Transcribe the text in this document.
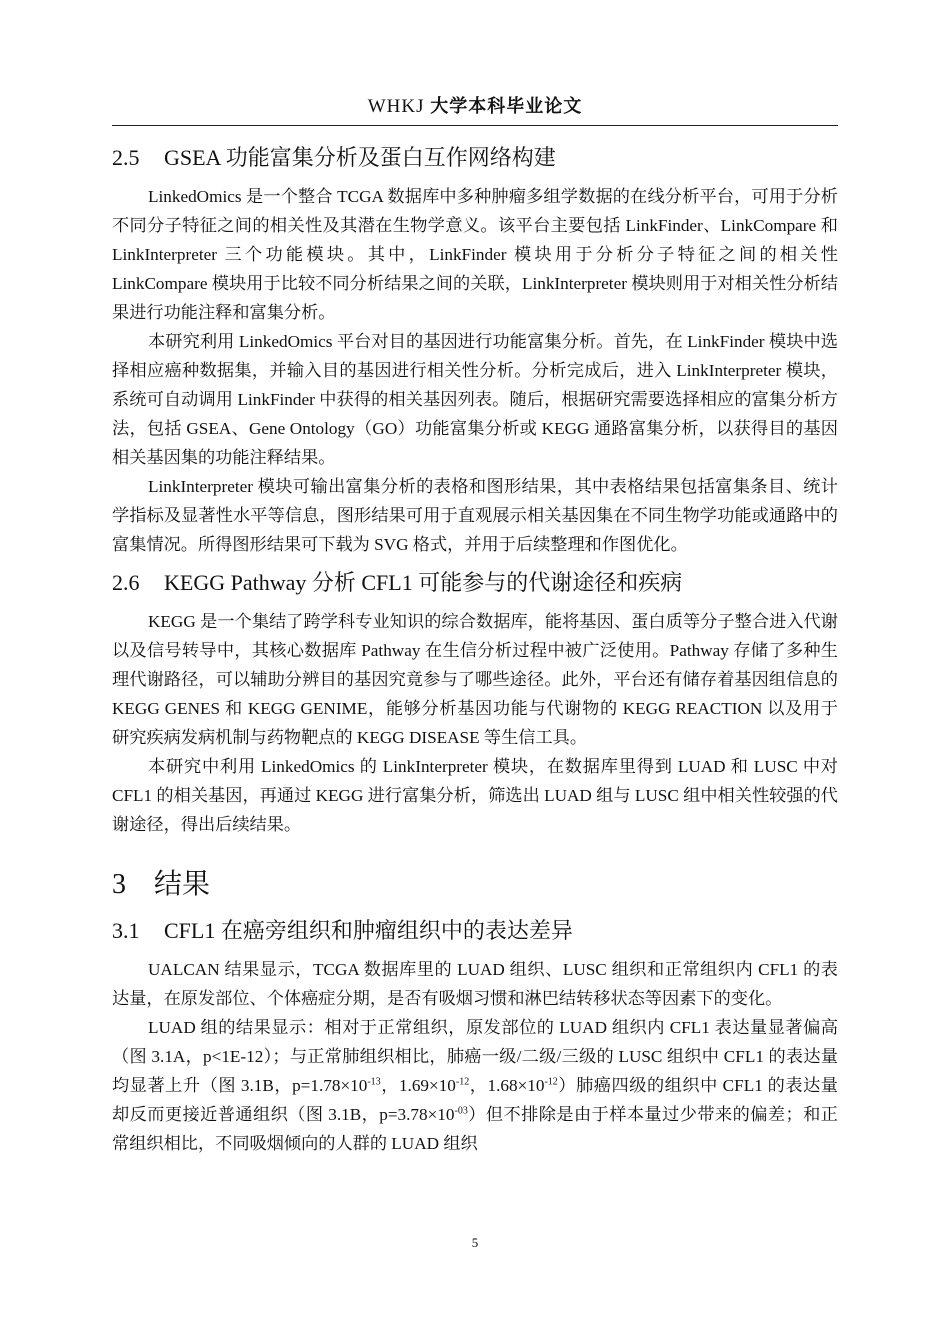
WHKJ 大学本科毕业论文
2.5 GSEA 功能富集分析及蛋白互作网络构建

LinkedOmics 是一个整合 TCGA 数据库中多种肿瘤多组学数据的在线分析平台，可用于分析不同分子特征之间的相关性及其潜在生物学意义。该平台主要包括 LinkFinder、LinkCompare 和 LinkInterpreter 三个功能模块。其中，LinkFinder 模块用于分析分子特征之间的相关性 LinkCompare 模块用于比较不同分析结果之间的关联，LinkInterpreter 模块则用于对相关性分析结果进行功能注释和富集分析。

本研究利用 LinkedOmics 平台对目的基因进行功能富集分析。首先，在 LinkFinder 模块中选择相应癌种数据集，并输入目的基因进行相关性分析。分析完成后，进入 LinkInterpreter 模块，系统可自动调用 LinkFinder 中获得的相关基因列表。随后，根据研究需要选择相应的富集分析方法，包括 GSEA、Gene Ontology（GO）功能富集分析或 KEGG 通路富集分析，以获得目的基因相关基因集的功能注释结果。

LinkInterpreter 模块可输出富集分析的表格和图形结果，其中表格结果包括富集条目、统计学指标及显著性水平等信息，图形结果可用于直观展示相关基因集在不同生物学功能或通路中的富集情况。所得图形结果可下载为 SVG 格式，并用于后续整理和作图优化。

2.6 KEGG Pathway 分析 CFL1 可能参与的代谢途径和疾病

KEGG 是一个集结了跨学科专业知识的综合数据库，能将基因、蛋白质等分子整合进入代谢以及信号转导中，其核心数据库 Pathway 在生信分析过程中被广泛使用。Pathway 存储了多种生理代谢路径，可以辅助分辨目的基因究竟参与了哪些途径。此外，平台还有储存着基因组信息的 KEGG GENES 和 KEGG GENIME，能够分析基因功能与代谢物的 KEGG REACTION 以及用于研究疾病发病机制与药物靶点的 KEGG DISEASE 等生信工具。

本研究中利用 LinkedOmics 的 LinkInterpreter 模块，在数据库里得到 LUAD 和 LUSC 中对 CFL1 的相关基因，再通过 KEGG 进行富集分析，筛选出 LUAD 组与 LUSC 组中相关性较强的代谢途径，得出后续结果。

3 结果
3.1 CFL1 在癌旁组织和肿瘤组织中的表达差异

UALCAN 结果显示，TCGA 数据库里的 LUAD 组织、LUSC 组织和正常组织内 CFL1 的表达量，在原发部位、个体癌症分期，是否有吸烟习惯和淋巴结转移状态等因素下的变化。

LUAD 组的结果显示：相对于正常组织，原发部位的 LUAD 组织内 CFL1 表达量显著偏高（图 3.1A，p<1E-12）；与正常肺组织相比，肺癌一级/二级/三级的 LUSC 组织中 CFL1 的表达量均显著上升（图 3.1B，$p=1.78\times 10^{-13}$，$1.69\times 10^{-12}$，$1.68\times 10^{-12}$）肺癌四级的组织中 CFL1 的表达量却反而更接近普通组织（图 3.1B，$p=3.78\times 10^{-03}$）但不排除是由于样本量过少带来的偏差；和正常组织相比，不同吸烟倾向的人群的 LUAD 组织

5
